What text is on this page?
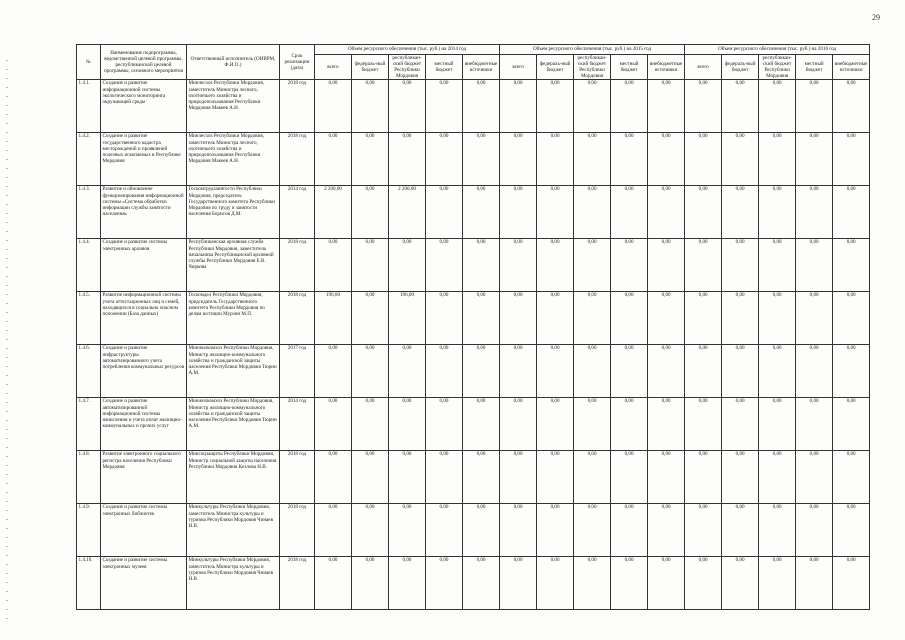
29
№	Наименование подпрограммы, ведомственной целевой программы, республиканской целевой программы, основного мероприятия	Ответственный исполнитель (ОИВРМ, Ф.И.О.)	Срок реализации (дата)	Объем ресурсного обеспечения (тыс. руб.) на 2014 год					Объем ресурсного обеспечения (тыс. руб.) на 2015 год					Объем ресурсного обеспечения (тыс. руб.) на 2016 год				
				всего	федераль-ный бюджет	республикан-ский бюджет Республики Мордовия	местный бюджет	внебюджетные источники	всего	федераль-ный бюджет	республикан-ский бюджет Республики Мордовия	местный бюджет	внебюджетные источники	всего	федераль-ный бюджет	республикан-ский бюджет Республики Мордовия	местный бюджет	внебюджетные источники
1.4.1.	Создание и развитие информационной системы экологического мониторинга окружающей среды	Минлесхоз Республики Мордовия, заместитель Министра лесного, охотничьего хозяйства и природопользования Республики Мордовия Макеев А.Н.	2018 год	0,00	0,00	0,00	0,00	0,00	0,00	0,00	0,00	0,00	0,00	0,00	0,00	0,00	0,00	0,00
1.4.2.	Создание и развитие государственного кадастра месторождений и проявлений полезных ископаемых в Республике Мордовия	Минлесхоз Республики Мордовия, заместитель Министра лесного, охотничьего хозяйства и природопользования Республики Мордовия Макеев А.Н.	2018 год	0,00	0,00	0,00	0,00	0,00	0,00	0,00	0,00	0,00	0,00	0,00	0,00	0,00	0,00	0,00
1.4.3.	Развитие и обновление функционирования информационной системы «Система обработки информации службы занятости населения»	Госкомтрудзанятости Республики Мордовия, председатель Государственного комитета Республики Мордовия по труду и занятости населения Борисов Д.М.	2014 год	2 200,00	0,00	2 200,00	0,00	0,00	0,00	0,00	0,00	0,00	0,00	0,00	0,00	0,00	0,00	0,00
1.4.4.	Создание и развитие системы электронных архивов	Республиканская архивная служба Республики Мордовия, заместитель начальника Республиканской архивной службы Республики Мордовия Е.В. Чиркова	2018 год	0,00	0,00	0,00	0,00	0,00	0,00	0,00	0,00	0,00	0,00	0,00	0,00	0,00	0,00	0,00
1.4.5.	Развитие информационной системы учета аттестационных лиц и семей, находящихся в социально опасном положении (База данных)	Госкомдел Республики Мордовия, председатель Государственного комитета Республики Мордовия по делам юстиции Мурзин М.П.	2018 год	196,00	0,00	196,00	0,00	0,00	0,00	0,00	0,00	0,00	0,00	0,00	0,00	0,00	0,00	0,00
1.4.6.	Создание и развитие инфраструктуры автоматизированного учета потребления коммунальных ресурсов	Минжилкомхоз Республики Мордовия, Министр жилищно-коммунального хозяйства и гражданской защиты населения Республики Мордовия Тюрин А.М.	2017 год	0,00	0,00	0,00	0,00	0,00	0,00	0,00	0,00	0,00	0,00	0,00	0,00	0,00	0,00	0,00
1.4.7.	Создание и развитие автоматизированной информационной системы начисления и учета оплат жилищно-коммунальных и прочих услуг	Минжилкомхоз Республики Мордовия, Министр жилищно-коммунального хозяйства и гражданской защиты населения Республики Мордовия Тюрин А.М.	2014 год	0,00	0,00	0,00	0,00	0,00	0,00	0,00	0,00	0,00	0,00	0,00	0,00	0,00	0,00	0,00
1.4.8.	Развитие электронного социального регистра населения Республики Мордовия	Минсоцзащиты Республики Мордовия, Министр социальной защиты населения Республики Мордовия Козлова Н.В.	2018 год	0,00	0,00	0,00	0,00	0,00	0,00	0,00	0,00	0,00	0,00	0,00	0,00	0,00	0,00	0,00
1.4.9.	Создание и развитие системы электронных библиотек	Минкультуры Республики Мордовия, заместитель Министра культуры и туризма Республики Мордовия Чинаев Н.В.	2018 год	0,00	0,00	0,00	0,00	0,00	0,00	0,00	0,00	0,00	0,00	0,00	0,00	0,00	0,00	0,00
1.4.10.	Создание и развитие системы электронных музеев	Минкультуры Республики Мордовия, заместитель Министра культуры и туризма Республики Мордовия Чинаев Н.В.	2018 год	0,00	0,00	0,00	0,00	0,00	0,00	0,00	0,00	0,00	0,00	0,00	0,00	0,00	0,00	0,00
